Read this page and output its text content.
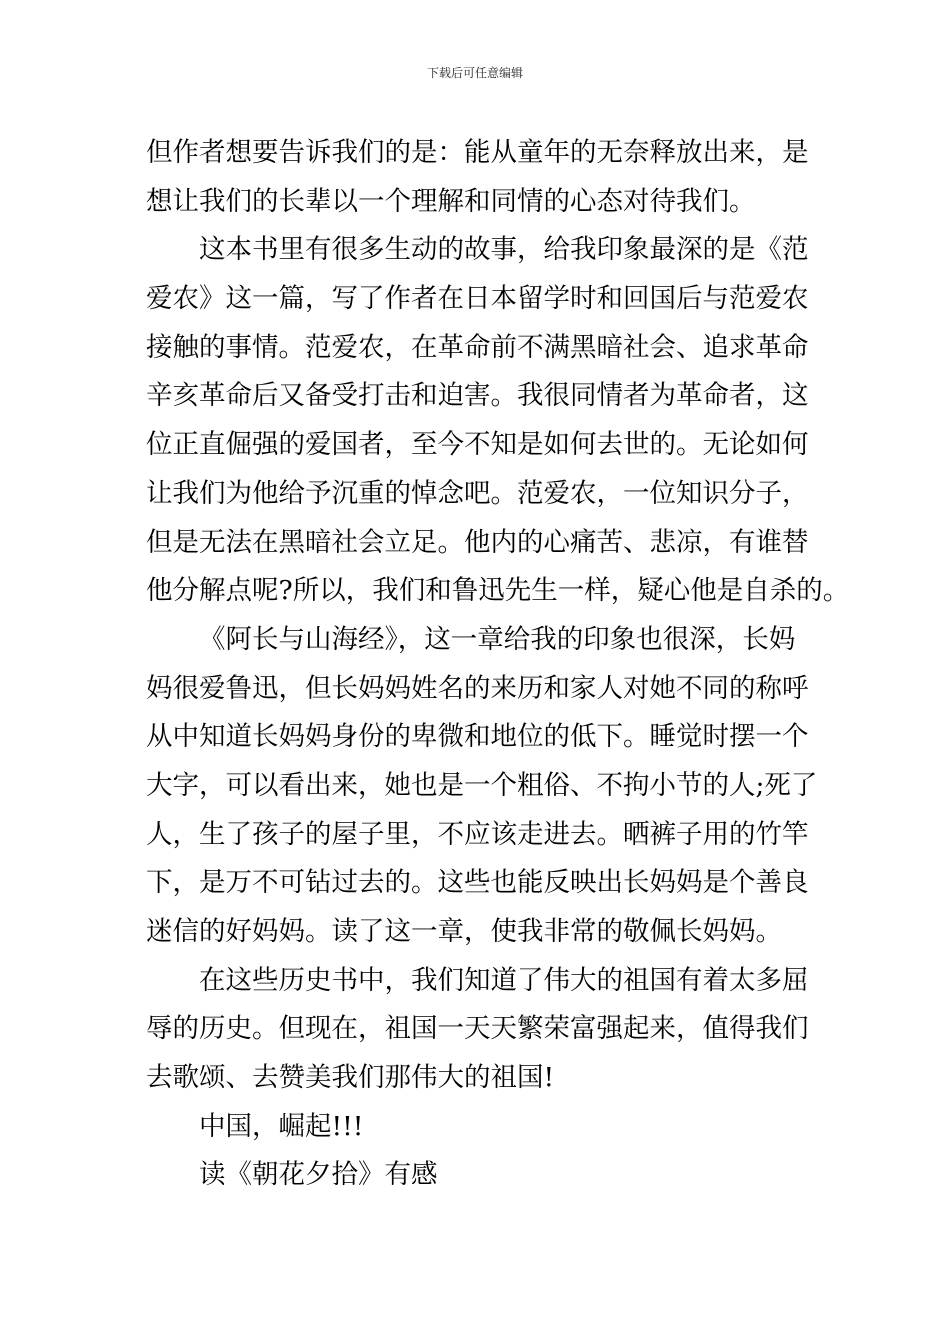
下载后可任意编辑
但作者想要告诉我们的是：能从童年的无奈释放出来，是
想让我们的长辈以一个理解和同情的心态对待我们。
这本书里有很多生动的故事，给我印象最深的是《范
爱农》这一篇，写了作者在日本留学时和回国后与范爱农
接触的事情。范爱农，在革命前不满黑暗社会、追求革命
辛亥革命后又备受打击和迫害。我很同情者为革命者，这
位正直倔强的爱国者，至今不知是如何去世的。无论如何
让我们为他给予沉重的悼念吧。范爱农，一位知识分子，
但是无法在黑暗社会立足。他内的心痛苦、悲凉，有谁替
他分解点呢?所以，我们和鲁迅先生一样，疑心他是自杀的。
《阿长与山海经》，这一章给我的印象也很深，长妈
妈很爱鲁迅，但长妈妈姓名的来历和家人对她不同的称呼
从中知道长妈妈身份的卑微和地位的低下。睡觉时摆一个
大字，可以看出来，她也是一个粗俗、不拘小节的人;死了
人，生了孩子的屋子里，不应该走进去。晒裤子用的竹竿
下，是万不可钻过去的。这些也能反映出长妈妈是个善良
迷信的好妈妈。读了这一章，使我非常的敬佩长妈妈。
在这些历史书中，我们知道了伟大的祖国有着太多屈
辱的历史。但现在，祖国一天天繁荣富强起来，值得我们
去歌颂、去赞美我们那伟大的祖国!
中国，崛起!!!
读《朝花夕拾》有感
